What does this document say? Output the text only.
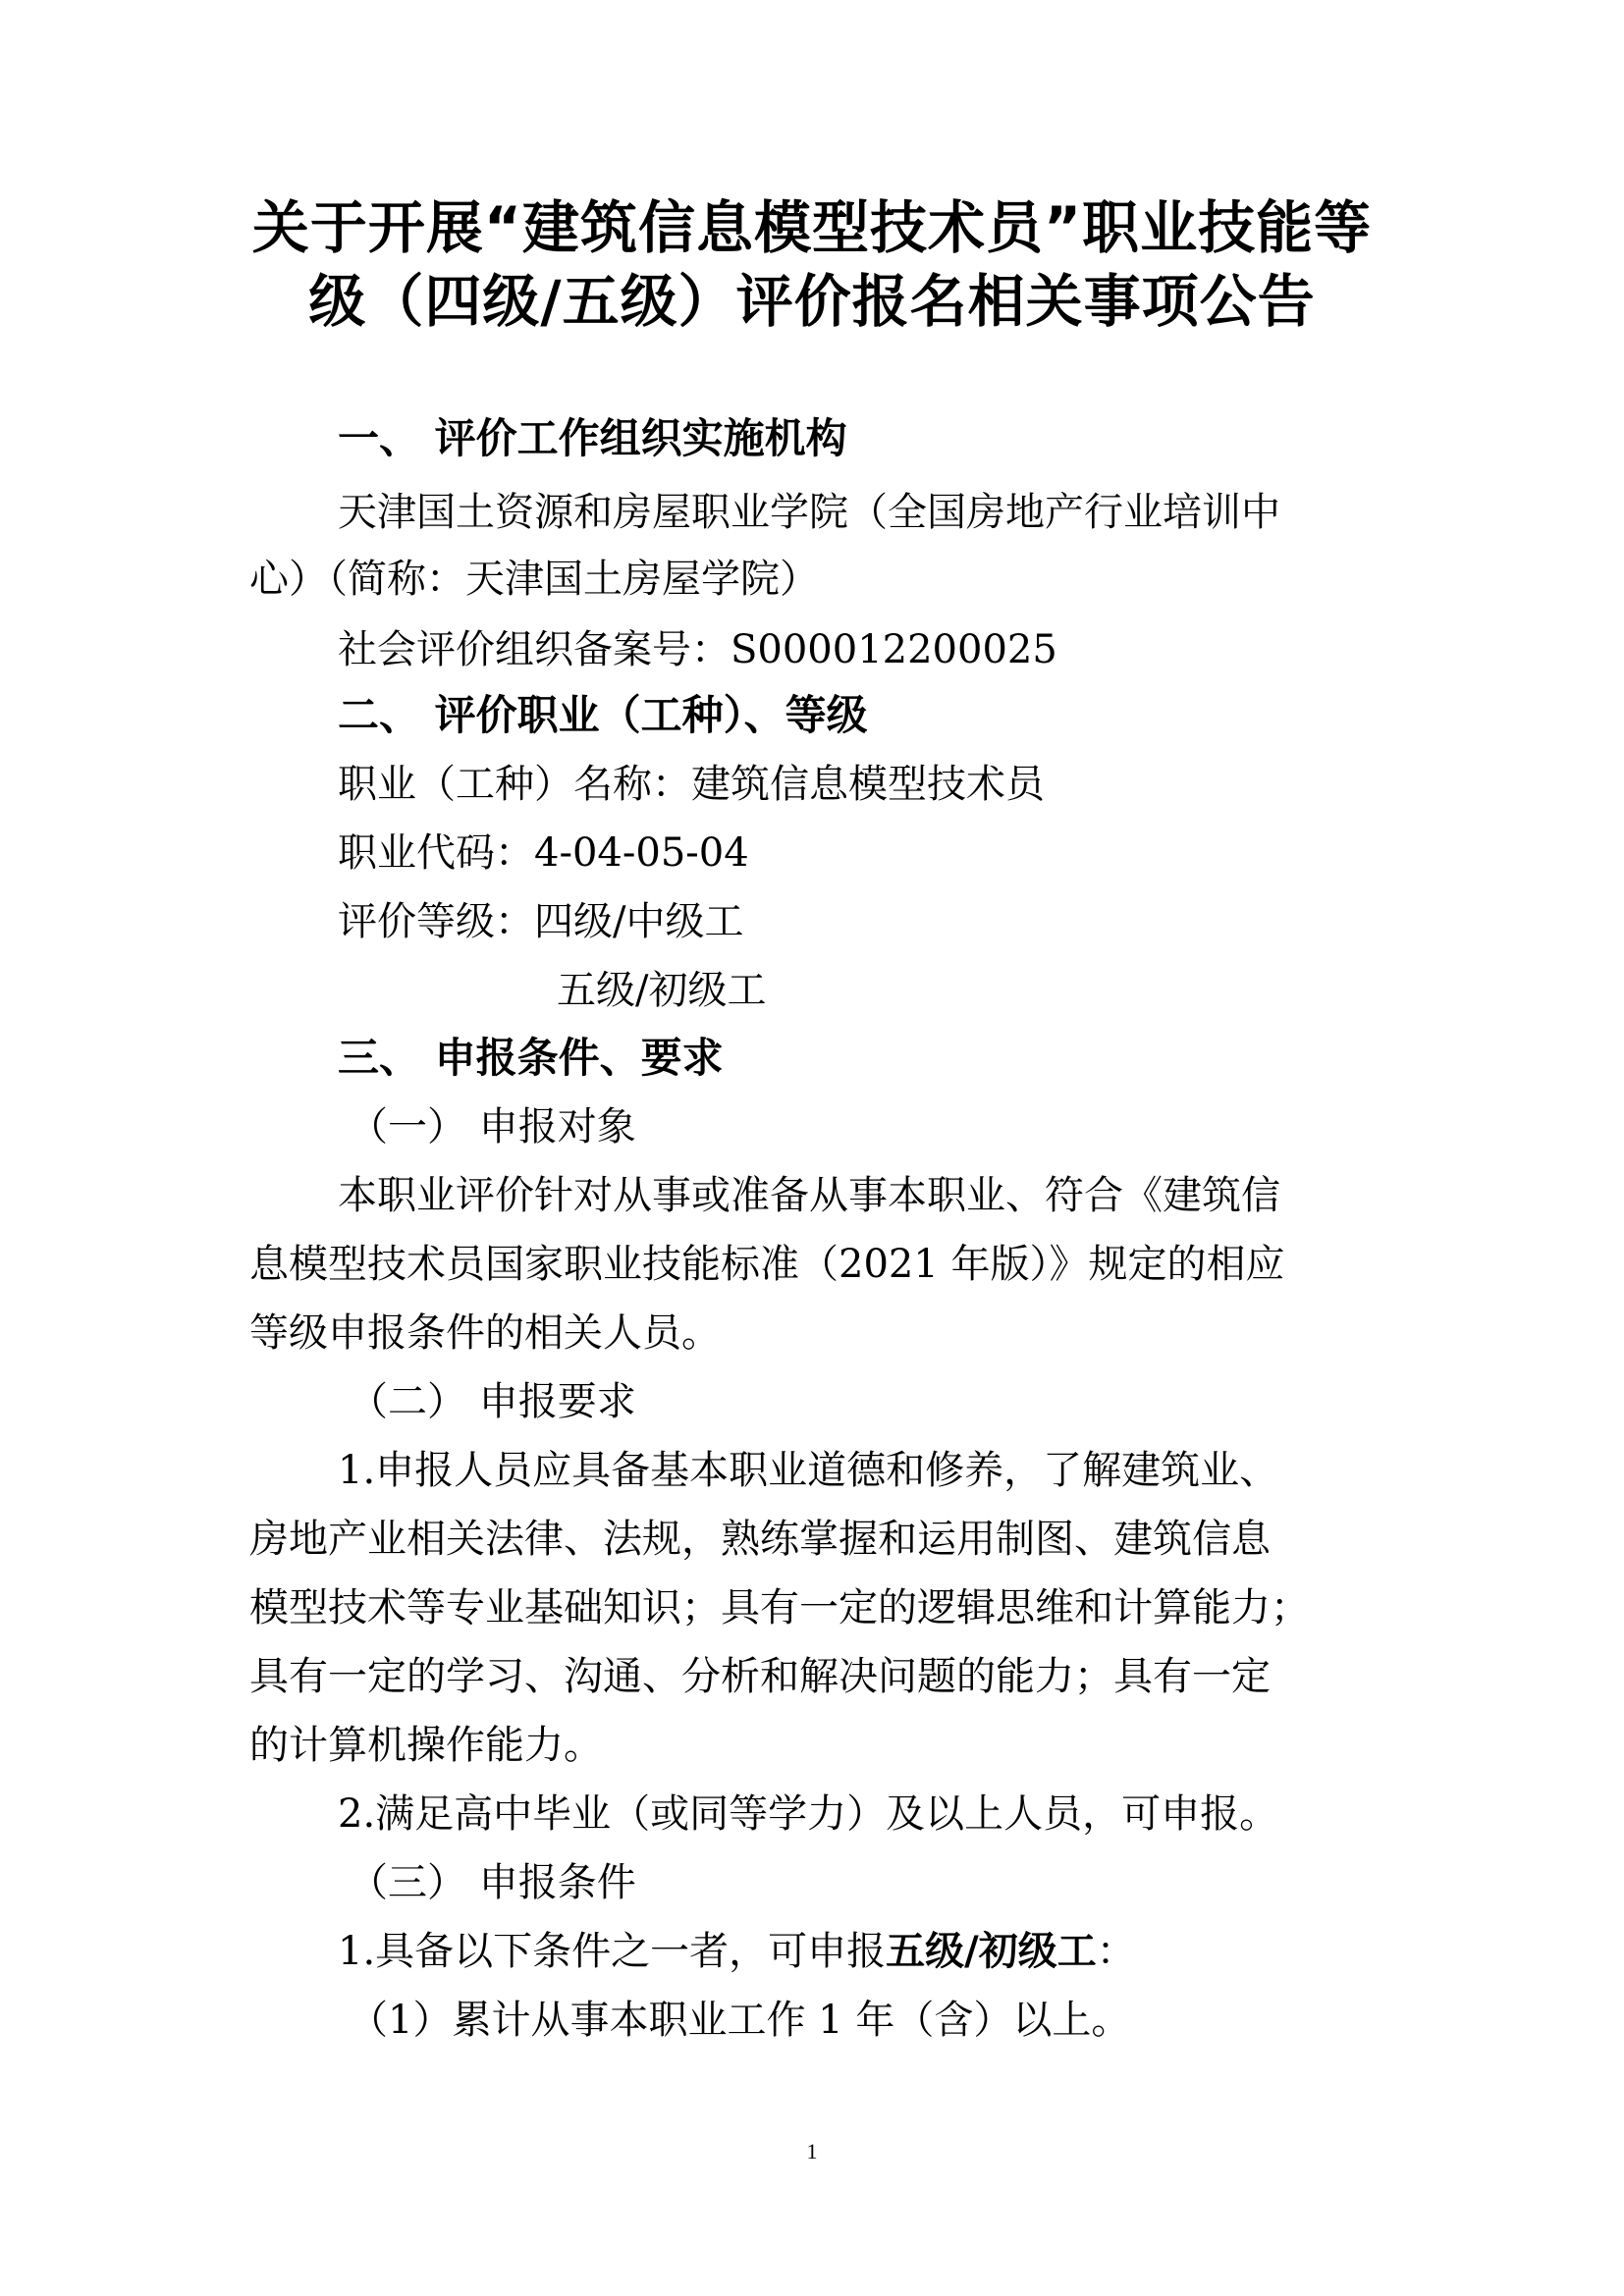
关于开展“建筑信息模型技术员”职业技能等
级（四级/五级）评价报名相关事项公告
一、 评价工作组织实施机构
天津国土资源和房屋职业学院（全国房地产行业培训中
心）（简称：天津国土房屋学院）
社会评价组织备案号：S000012200025
二、 评价职业（工种）、等级
职业（工种）名称：建筑信息模型技术员
职业代码：4-04-05-04
评价等级：四级/中级工
五级/初级工
三、 申报条件、要求
（一） 申报对象
本职业评价针对从事或准备从事本职业、符合《建筑信
息模型技术员国家职业技能标准（2021 年版）》规定的相应
等级申报条件的相关人员。
（二） 申报要求
1.申报人员应具备基本职业道德和修养，了解建筑业、
房地产业相关法律、法规，熟练掌握和运用制图、建筑信息
模型技术等专业基础知识；具有一定的逻辑思维和计算能力；
具有一定的学习、沟通、分析和解决问题的能力；具有一定
的计算机操作能力。
2.满足高中毕业（或同等学力）及以上人员，可申报。
（三） 申报条件
1.具备以下条件之一者，可申报五级/初级工：
（1）累计从事本职业工作 1 年（含）以上。
1
